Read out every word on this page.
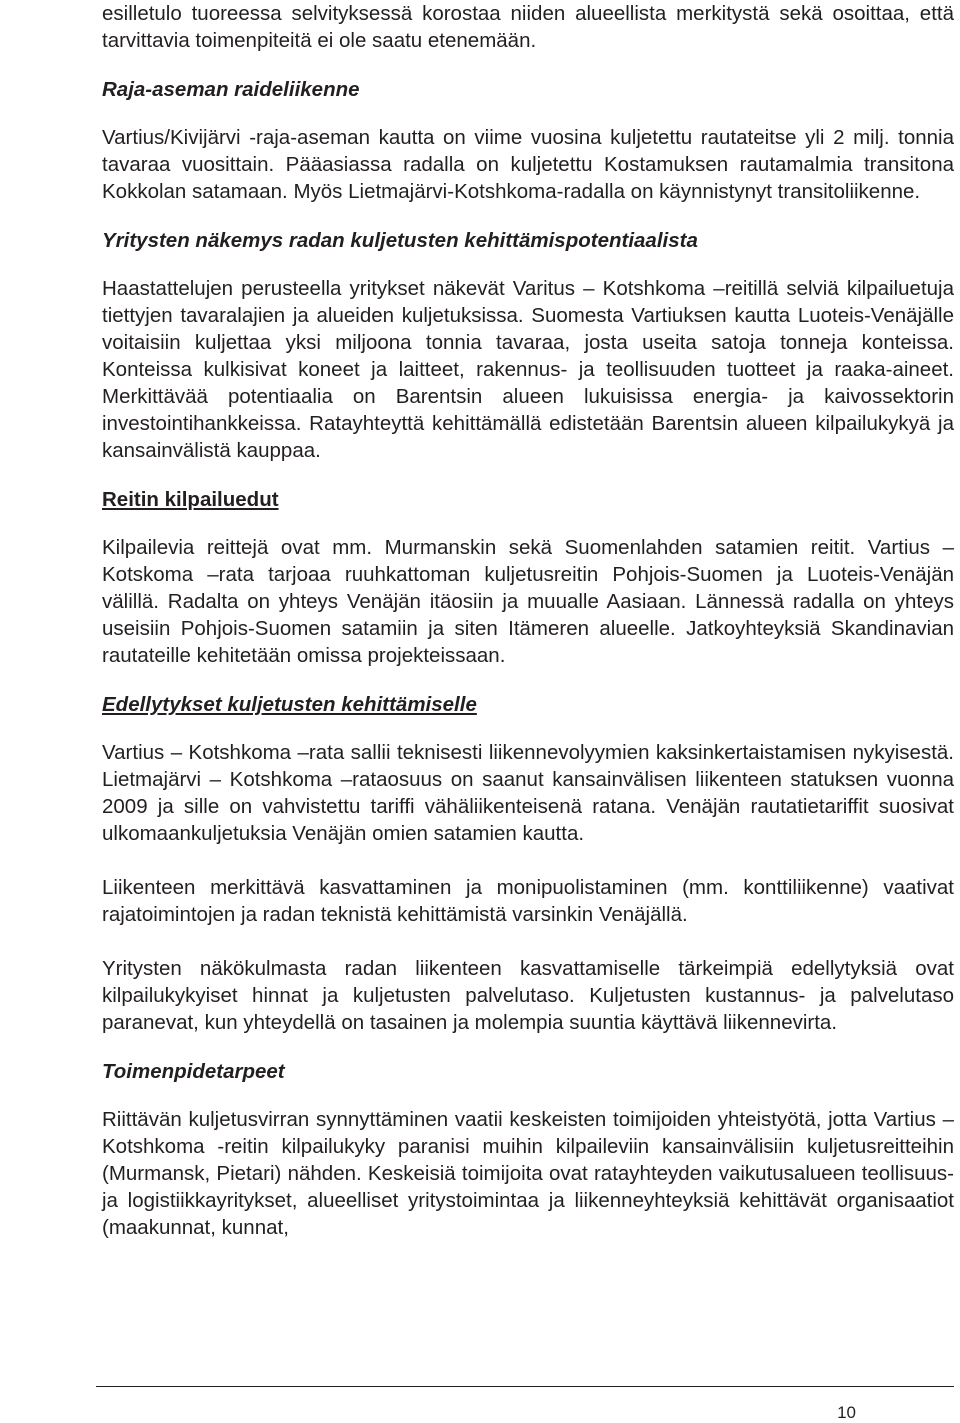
esilletulo tuoreessa selvityksessä korostaa niiden alueellista merkitystä sekä osoittaa, että tarvittavia toimenpiteitä ei ole saatu etenemään.

Raja-aseman raideliikenne

Vartius/Kivijärvi -raja-aseman kautta on viime vuosina kuljetettu rautateitse yli 2 milj. tonnia tavaraa vuosittain. Pääasiassa radalla on kuljetettu Kostamuksen rautamalmia transitona Kokkolan satamaan. Myös Lietmajärvi-Kotshkoma-radalla on käynnistynyt transitoliikenne.

Yritysten näkemys radan kuljetusten kehittämispotentiaalista

Haastattelujen perusteella yritykset näkevät Varitus – Kotshkoma –reitillä selviä kilpailuetuja tiettyjen tavaralajien ja alueiden kuljetuksissa. Suomesta Vartiuksen kautta Luoteis-Venäjälle voitaisiin kuljettaa yksi miljoona tonnia tavaraa, josta useita satoja tonneja konteissa. Konteissa kulkisivat koneet ja laitteet, rakennus- ja teollisuuden tuotteet ja raaka-aineet. Merkittävää potentiaalia on Barentsin alueen lukuisissa energia- ja kaivossektorin investointihankkeissa. Ratayhteyttä kehittämällä edistetään Barentsin alueen kilpailukykyä ja kansainvälistä kauppaa.

Reitin kilpailuedut

Kilpailevia reittejä ovat mm. Murmanskin sekä Suomenlahden satamien reitit. Vartius – Kotskoma –rata tarjoaa ruuhkattoman kuljetusreitin Pohjois-Suomen ja Luoteis-Venäjän välillä. Radalta on yhteys Venäjän itäosiin ja muualle Aasiaan. Lännessä radalla on yhteys useisiin Pohjois-Suomen satamiin ja siten Itämeren alueelle. Jatkoyhteyksiä Skandinavian rautateille kehitetään omissa projekteissaan.

Edellytykset kuljetusten kehittämiselle

Vartius – Kotshkoma –rata sallii teknisesti liikennevolyymien kaksinkertaistamisen nykyisestä. Lietmajärvi – Kotshkoma –rataosuus on saanut kansainvälisen liikenteen statuksen vuonna 2009 ja sille on vahvistettu tariffi vähäliikenteisenä ratana. Venäjän rautatietariffit suosivat ulkomaankuljetuksia Venäjän omien satamien kautta.

Liikenteen merkittävä kasvattaminen ja monipuolistaminen (mm. konttiliikenne) vaativat rajatoimintojen ja radan teknistä kehittämistä varsinkin Venäjällä.

Yritysten näkökulmasta radan liikenteen kasvattamiselle tärkeimpiä edellytyksiä ovat kilpailukykyiset hinnat ja kuljetusten palvelutaso. Kuljetusten kustannus- ja palvelutaso paranevat, kun yhteydellä on tasainen ja molempia suuntia käyttävä liikennevirta.

Toimenpidetarpeet

Riittävän kuljetusvirran synnyttäminen vaatii keskeisten toimijoiden yhteistyötä, jotta Vartius – Kotshkoma -reitin kilpailukyky paranisi muihin kilpaileviin kansainvälisiin kuljetusreitteihin (Murmansk, Pietari) nähden. Keskeisiä toimijoita ovat ratayhteyden vaikutusalueen teollisuus- ja logistiikkayritykset, alueelliset yritystoimintaa ja liikenneyhteyksiä kehittävät organisaatiot (maakunnat, kunnat,

10
